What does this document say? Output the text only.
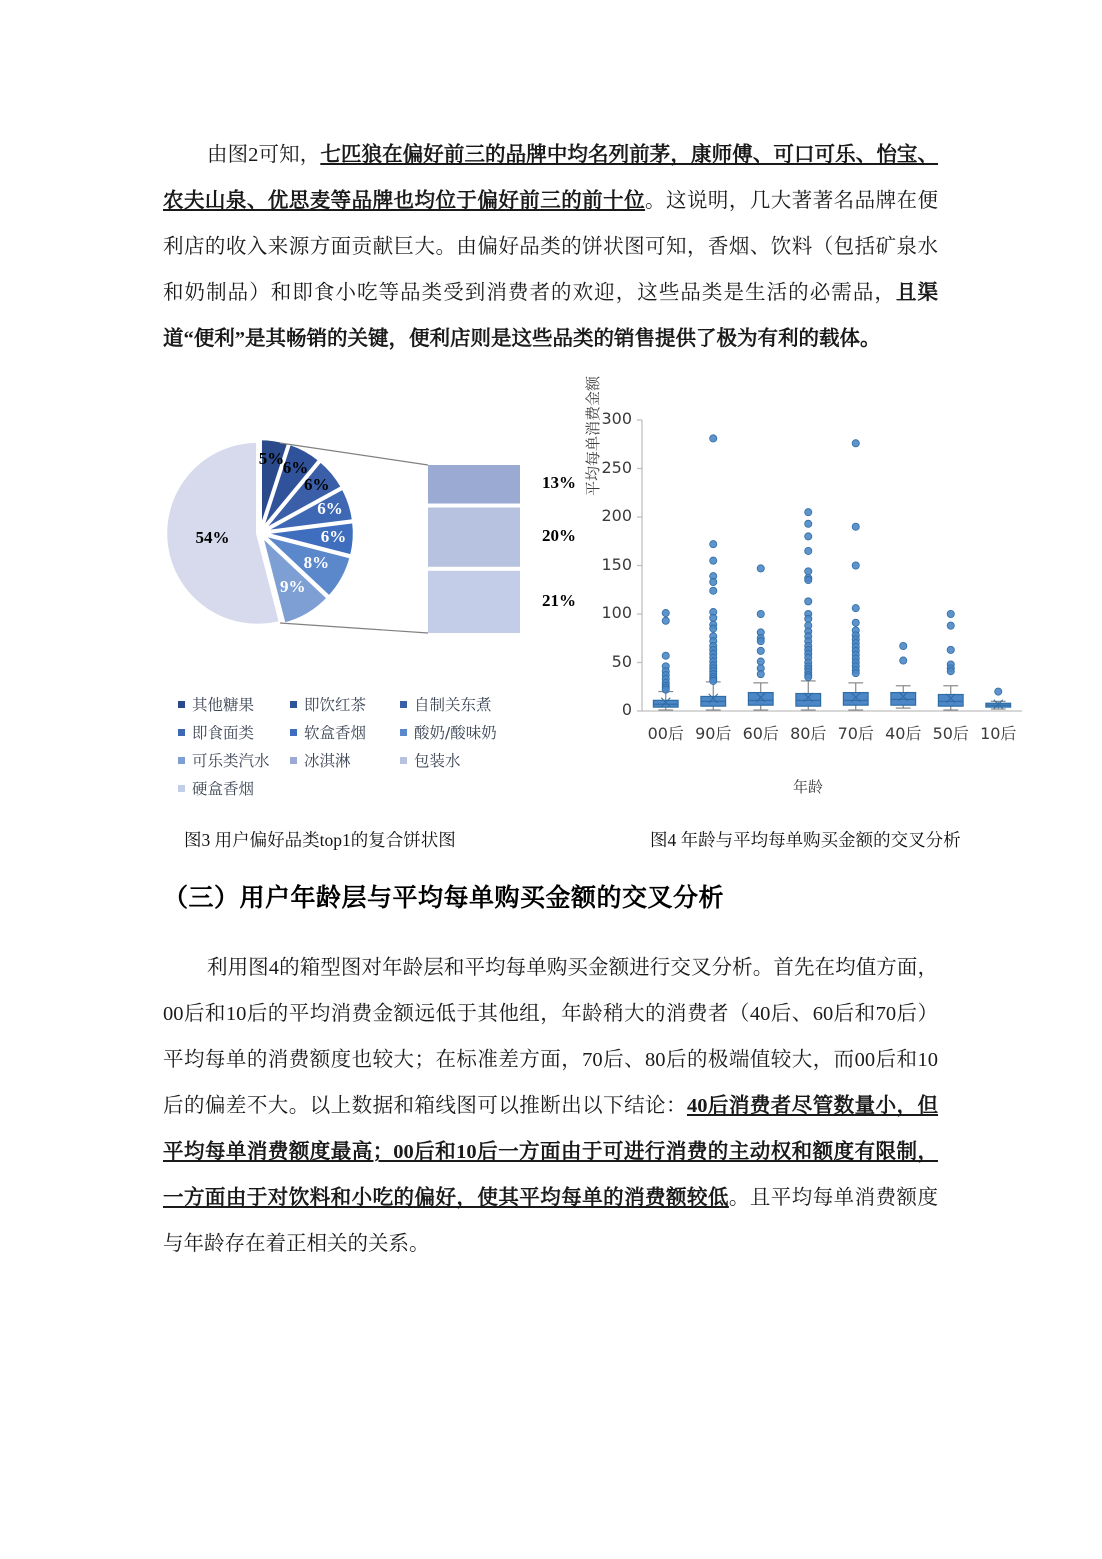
由图2可知，七匹狼在偏好前三的品牌中均名列前茅，康师傅、可口可乐、怡宝、农夫山泉、优思麦等品牌也均位于偏好前三的前十位。这说明，几大著著名品牌在便利店的收入来源方面贡献巨大。由偏好品类的饼状图可知，香烟、饮料（包括矿泉水和奶制品）和即食小吃等品类受到消费者的欢迎，这些品类是生活的必需品，且渠道“便利”是其畅销的关键，便利店则是这些品类的销售提供了极为有利的载体。
13%
20%
21%
5%
6%
6%
6%
6%
8%
9%
54%
其他糖果	即饮红茶	自制关东煮
即食面类	软盒香烟	酸奶/酸味奶
可乐类汽水 冰淇淋	包装水
硬盒香烟
平均每单消费金额
年龄
0
50
100
150
200
250
300
00后 90后 60后 80后 70后 40后 50后 10后
图3 用户偏好品类top1的复合饼状图	图4 年龄与平均每单购买金额的交叉分析
（三）用户年龄层与平均每单购买金额的交叉分析
利用图4的箱型图对年龄层和平均每单购买金额进行交叉分析。首先在均值方面，00后和10后的平均消费金额远低于其他组，年龄稍大的消费者（40后、60后和70后）平均每单的消费额度也较大；在标准差方面，70后、80后的极端值较大，而00后和10后的偏差不大。以上数据和箱线图可以推断出以下结论：40后消费者尽管数量小，但平均每单消费额度最高；00后和10后一方面由于可进行消费的主动权和额度有限制，一方面由于对饮料和小吃的偏好，使其平均每单的消费额较低。且平均每单消费额度与年龄存在着正相关的关系。
